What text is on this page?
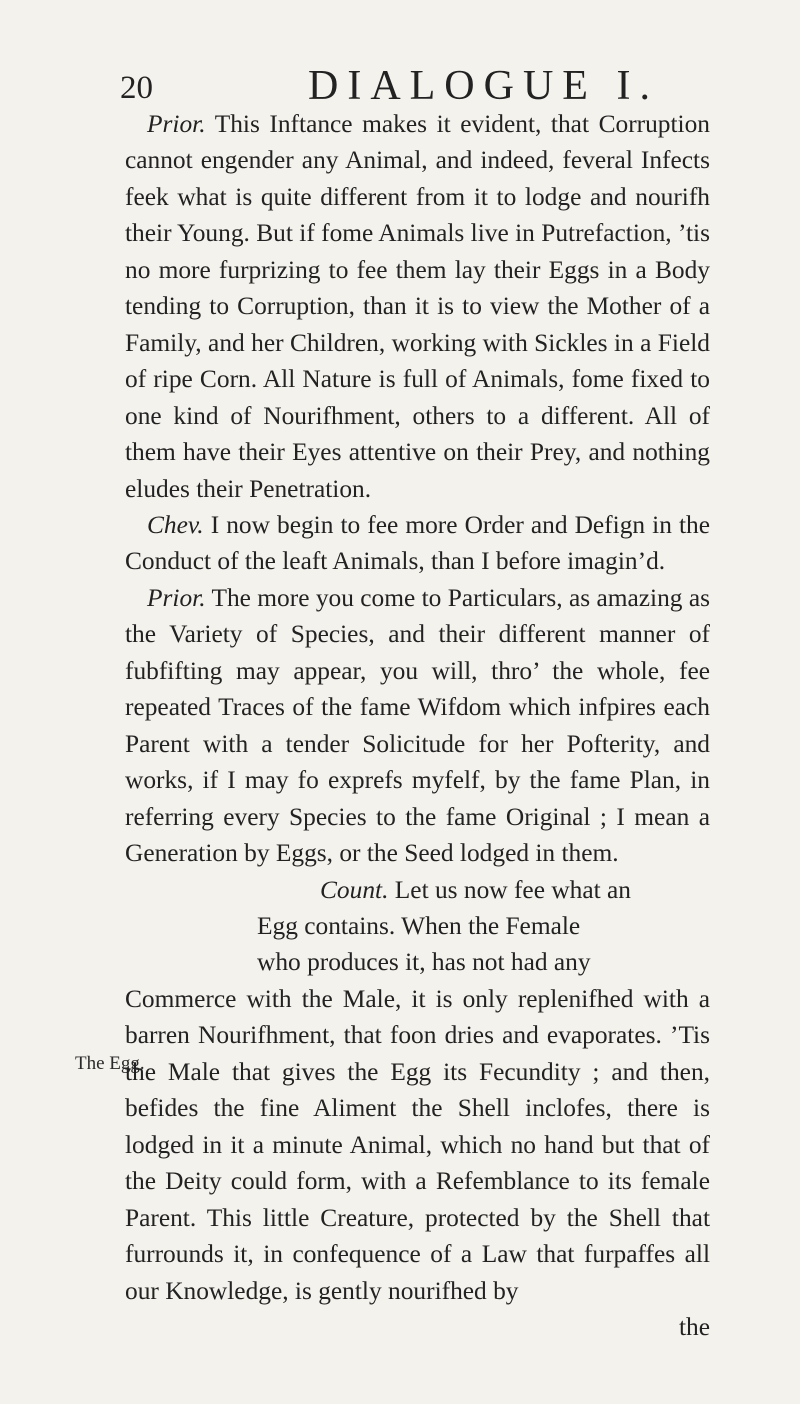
20	DIALOGUE I.
The Egg.

Prior. This Inftance makes it evident, that Corruption cannot engender any Animal, and indeed, feveral Infects feek what is quite different from it to lodge and nourifh their Young. But if fome Animals live in Putrefaction, ’tis no more furprizing to fee them lay their Eggs in a Body tending to Corruption, than it is to view the Mother of a Family, and her Children, working with Sickles in a Field of ripe Corn. All Nature is full of Animals, fome fixed to one kind of Nourifhment, others to a different. All of them have their Eyes attentive on their Prey, and nothing eludes their Penetration.

Chev. I now begin to fee more Order and Defign in the Conduct of the leaft Animals, than I before imagin’d.

Prior. The more you come to Particulars, as amazing as the Variety of Species, and their different manner of fubfifting may appear, you will, thro’ the whole, fee repeated Traces of the fame Wifdom which infpires each Parent with a tender Solicitude for her Pofterity, and works, if I may fo exprefs myfelf, by the fame Plan, in referring every Species to the fame Original ; I mean a Generation by Eggs, or the Seed lodged in them.

Count. Let us now fee what an
Egg contains. When the Female
who produces it, has not had any
Commerce with the Male, it is only replenifhed with a barren Nourifhment, that foon dries and evaporates. ’Tis the Male that gives the Egg its Fecundity ; and then, befides the fine Aliment the Shell inclofes, there is lodged in it a minute Animal, which no hand but that of the Deity could form, with a Refemblance to its female Parent. This little Creature, protected by the Shell that furrounds it, in confequence of a Law that furpaffes all our Knowledge, is gently nourifhed by
the
